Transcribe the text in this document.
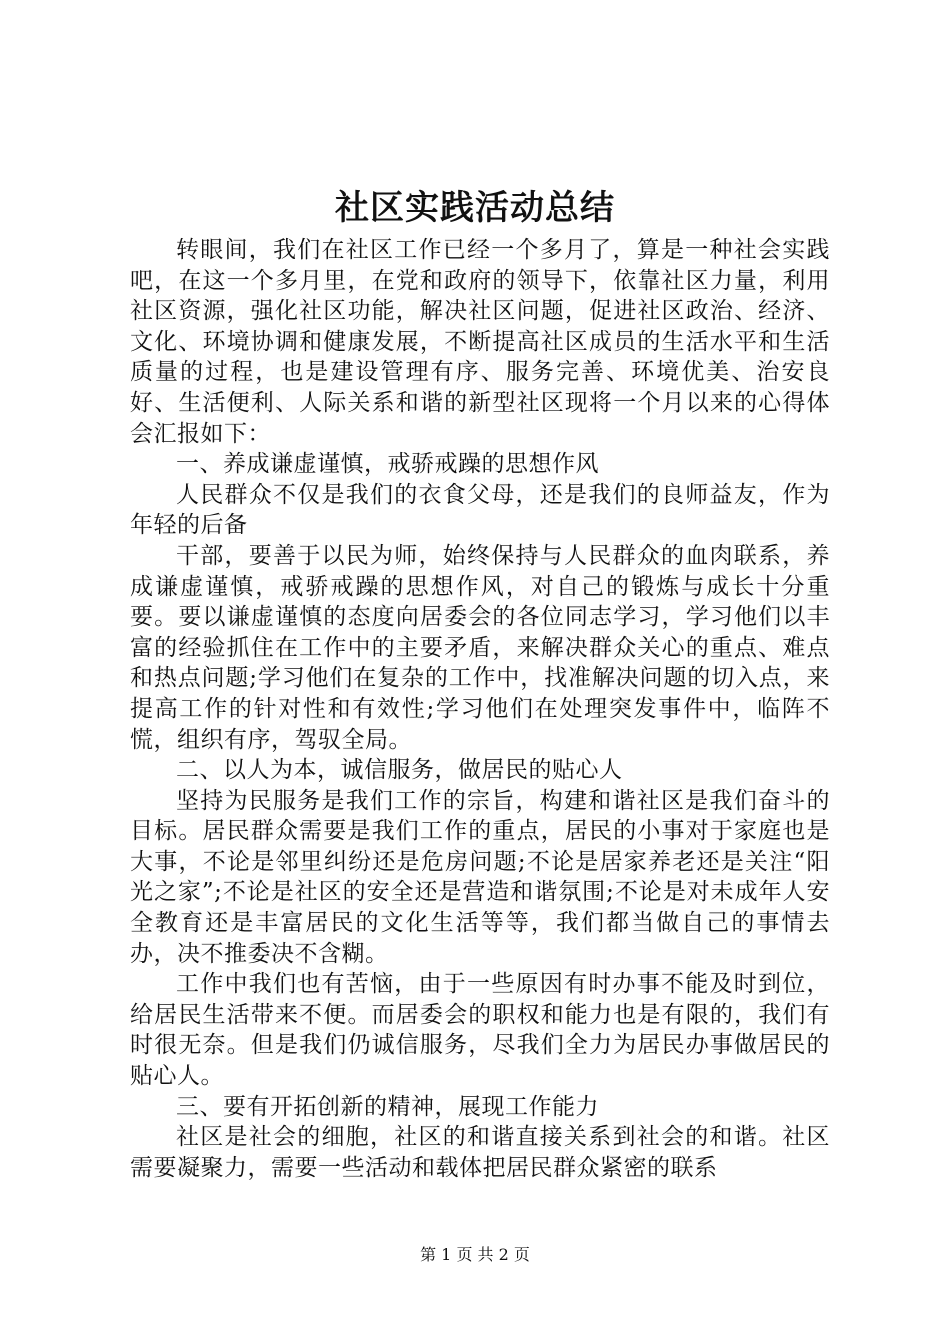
社区实践活动总结

转眼间，我们在社区工作已经一个多月了，算是一种社会实践吧，在这一个多月里，在党和政府的领导下，依靠社区力量，利用社区资源，强化社区功能，解决社区问题，促进社区政治、经济、文化、环境协调和健康发展，不断提高社区成员的生活水平和生活质量的过程，也是建设管理有序、服务完善、环境优美、治安良好、生活便利、人际关系和谐的新型社区现将一个月以来的心得体会汇报如下：

一、养成谦虚谨慎，戒骄戒躁的思想作风

人民群众不仅是我们的衣食父母，还是我们的良师益友，作为年轻的后备

干部，要善于以民为师，始终保持与人民群众的血肉联系，养成谦虚谨慎，戒骄戒躁的思想作风，对自己的锻炼与成长十分重要。要以谦虚谨慎的态度向居委会的各位同志学习，学习他们以丰富的经验抓住在工作中的主要矛盾，来解决群众关心的重点、难点和热点问题;学习他们在复杂的工作中，找准解决问题的切入点，来提高工作的针对性和有效性;学习他们在处理突发事件中，临阵不慌，组织有序，驾驭全局。

二、以人为本，诚信服务，做居民的贴心人

坚持为民服务是我们工作的宗旨，构建和谐社区是我们奋斗的目标。居民群众需要是我们工作的重点，居民的小事对于家庭也是大事，不论是邻里纠纷还是危房问题;不论是居家养老还是关注“阳光之家”;不论是社区的安全还是营造和谐氛围;不论是对未成年人安全教育还是丰富居民的文化生活等等，我们都当做自己的事情去办，决不推委决不含糊。

工作中我们也有苦恼，由于一些原因有时办事不能及时到位，给居民生活带来不便。而居委会的职权和能力也是有限的，我们有时很无奈。但是我们仍诚信服务，尽我们全力为居民办事做居民的贴心人。

三、要有开拓创新的精神，展现工作能力

社区是社会的细胞，社区的和谐直接关系到社会的和谐。社区需要凝聚力，需要一些活动和载体把居民群众紧密的联系

第 1 页 共 2 页
